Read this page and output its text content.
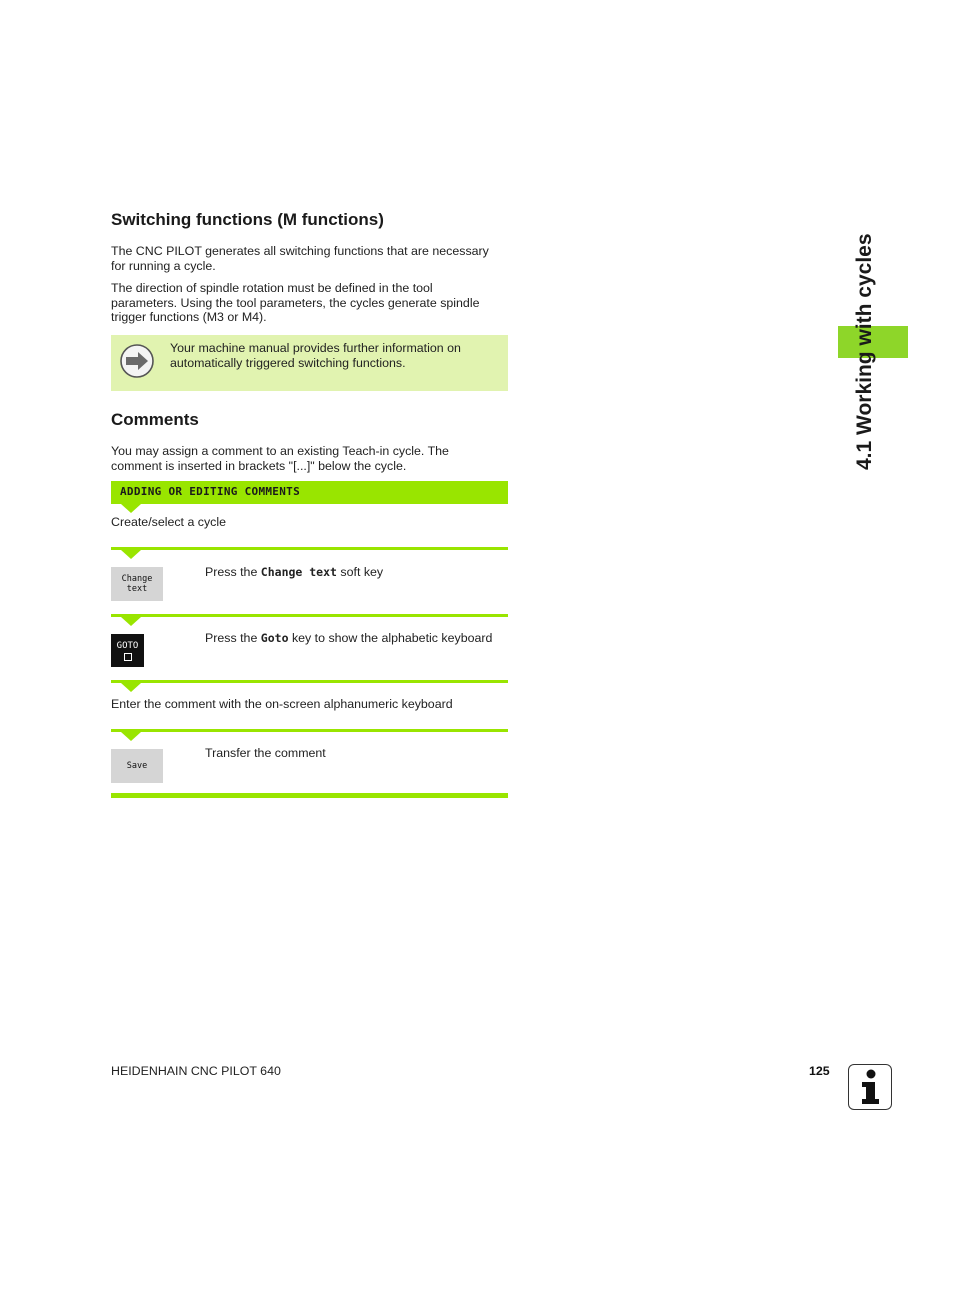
4.1 Working with cycles
Switching functions (M functions)
The CNC PILOT generates all switching functions that are necessary
for running a cycle.
The direction of spindle rotation must be defined in the tool
parameters. Using the tool parameters, the cycles generate spindle
trigger functions (M3 or M4).
Your machine manual provides further information on
automatically triggered switching functions.
Comments
You may assign a comment to an existing Teach-in cycle. The
comment is inserted in brackets "[...]" below the cycle.
ADDING OR EDITING COMMENTS
Create/select a cycle
Change
text
Press the Change text soft key
GOTO
Press the Goto key to show the alphabetic keyboard
Enter the comment with the on-screen alphanumeric keyboard
Save
Transfer the comment
HEIDENHAIN CNC PILOT 640	125
